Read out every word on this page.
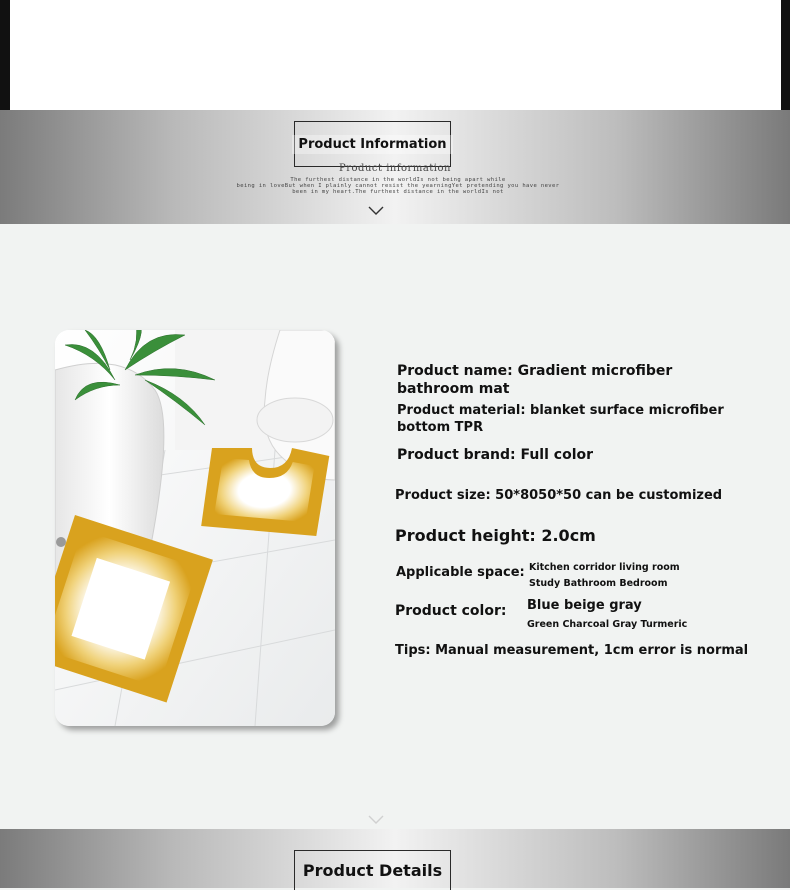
Product Information
Product information
The furthest distance in the worldIs not being apart while
being in loveBut when I plainly cannot resist the yearningYet pretending you have never
been in my heart.The furthest distance in the worldIs not
Product name: Gradient microfiber
bathroom mat
Product material: blanket surface microfiber
bottom TPR
Product brand: Full color
Product size: 50*8050*50 can be customized
Product height: 2.0cm
Applicable space: Kitchen corridor living room
Study Bathroom Bedroom
Product color: Blue beige gray
Green Charcoal Gray Turmeric
Tips: Manual measurement, 1cm error is normal
Product Details
